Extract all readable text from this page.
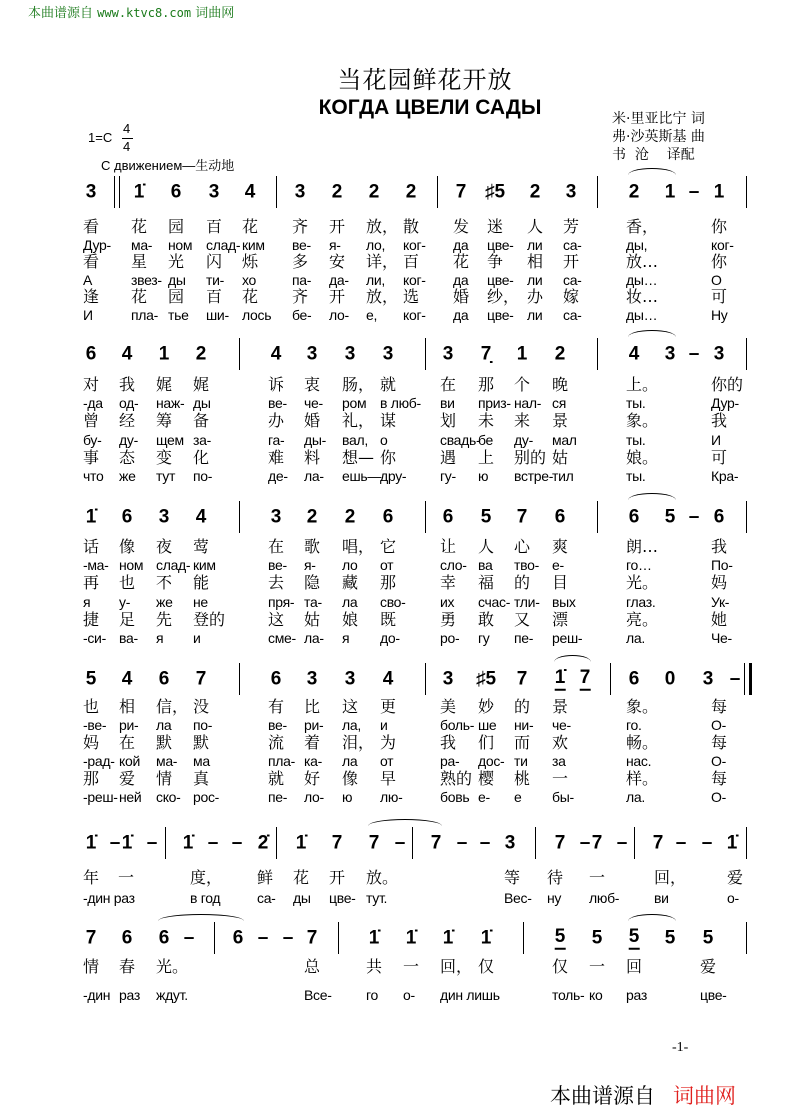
本曲谱源自 www.ktvc8.com 词曲网
当花园鲜花开放
КОГДА ЦВЕЛИ САДЫ	米·里亚比宁 词
弗·沙英斯基 曲
书  沧    译配
1=C
4
4
С движением—生动地
3 1̇ 6 3 4 3 2 2 2 7 ♯5 2 3	2 1 – 1
看 花 园 百 花 齐 开 放， 散 发 迷 人 芳	香，	你
Дур- ма- ном слад- ким ве- я- ло, ког- да цве- ли са-	ды,	ког-
看 星 光 闪 烁 多 安 详， 百 花 争 相 开	放…	你
А	звез- ды ти- хо	па- да- ли, ког- да цве- ли са-	ды…	О
逢 花 园 百 花 齐 开 放， 选 婚 纱， 办 嫁	妆…	可
И	пла- тье ши- лось бе- ло- е, ког- да цве- ли са-	ды…	Ну
6 4 1 2	4 3 3 3	3 7̣ 1 2	4 3 – 3
对 我 娓 娓	诉 衷 肠， 就	在 那 个 晚	上。	你的
-да од- наж- ды	ве- че- ром в люб- ви приз- нал- ся	ты.	Дур-
曾 经 筹 备	办 婚 礼， 谋	划 未 来 景	象。	我
бу- ду- щем за-	га- ды- вал, о	свадь-
бе ду- мал	ты.	И
事 态 变 化	难 料 想— 你	遇 上 别的 姑	娘。	可
что же тут по-	де- ла- ешь—
дру- гу- ю встре-
тил	ты.	Кра-
1̇ 6 3 4	3 2 2 6	6 5 7 6	6 5 – 6
话 像 夜 莺	在 歌 唱， 它	让 人 心 爽	朗…	我
-ма- ном слад- ким	ве- я- ло от	сло- ва тво- е-	го…	По-
再 也 不 能	去 隐 藏 那	幸 福 的 目	光。	妈
я у- же не	пря- та- ла сво- их счас- тли- вых	глаз.	Ук-
捷 足 先 登的	这 姑 娘 既	勇 敢 又 漂	亮。	她
-си- ва- я и	сме- ла- я до-	ро- гу пе- реш-	ла.	Че-
5 4 6 7	6 3 3 4	3 ♯5 7 1̇ 7 6 0 3 –
也 相 信， 没	有 比 这 更	美 妙 的 景	象。	每
-ве- ри- ла по-	ве- ри- ла, и	боль- ше ни- че-	го.	О-
妈 在 默 默	流 着 泪， 为	我 们 而 欢	畅。	每
-рад- кой ма- ма	пла- ка- ла от	ра- дос- ти за	нас.	О-
那 爱 情 真	就 好 像 早	熟的 樱 桃 一	样。	每
-реш- ней ско- рос-	пе- ло- ю лю-	бовь е- е бы-	ла.	О-
1̇ – 1̇ – 1̇ – – 2̇ 1̇ 7 7 – 7 – – 3 7 – 7 – 7 – – 1̇
年 一	度， 鲜 花 开 放。	等 待 一	回，	爱
-дин раз	в год	са- ды цве- тут.	Вес- ну люб- ви	о-
7 6 6 – 6 – – 7	1̇ 1̇ 1̇ 1̇	5 5 5 5 5
情 春 光。	总	共 一 回， 仅	仅 一 回	爱
-дин раз ждут.	Все- го о- дин лишь	толь- ко раз	цве-
-1-
本曲谱源自 词曲网
